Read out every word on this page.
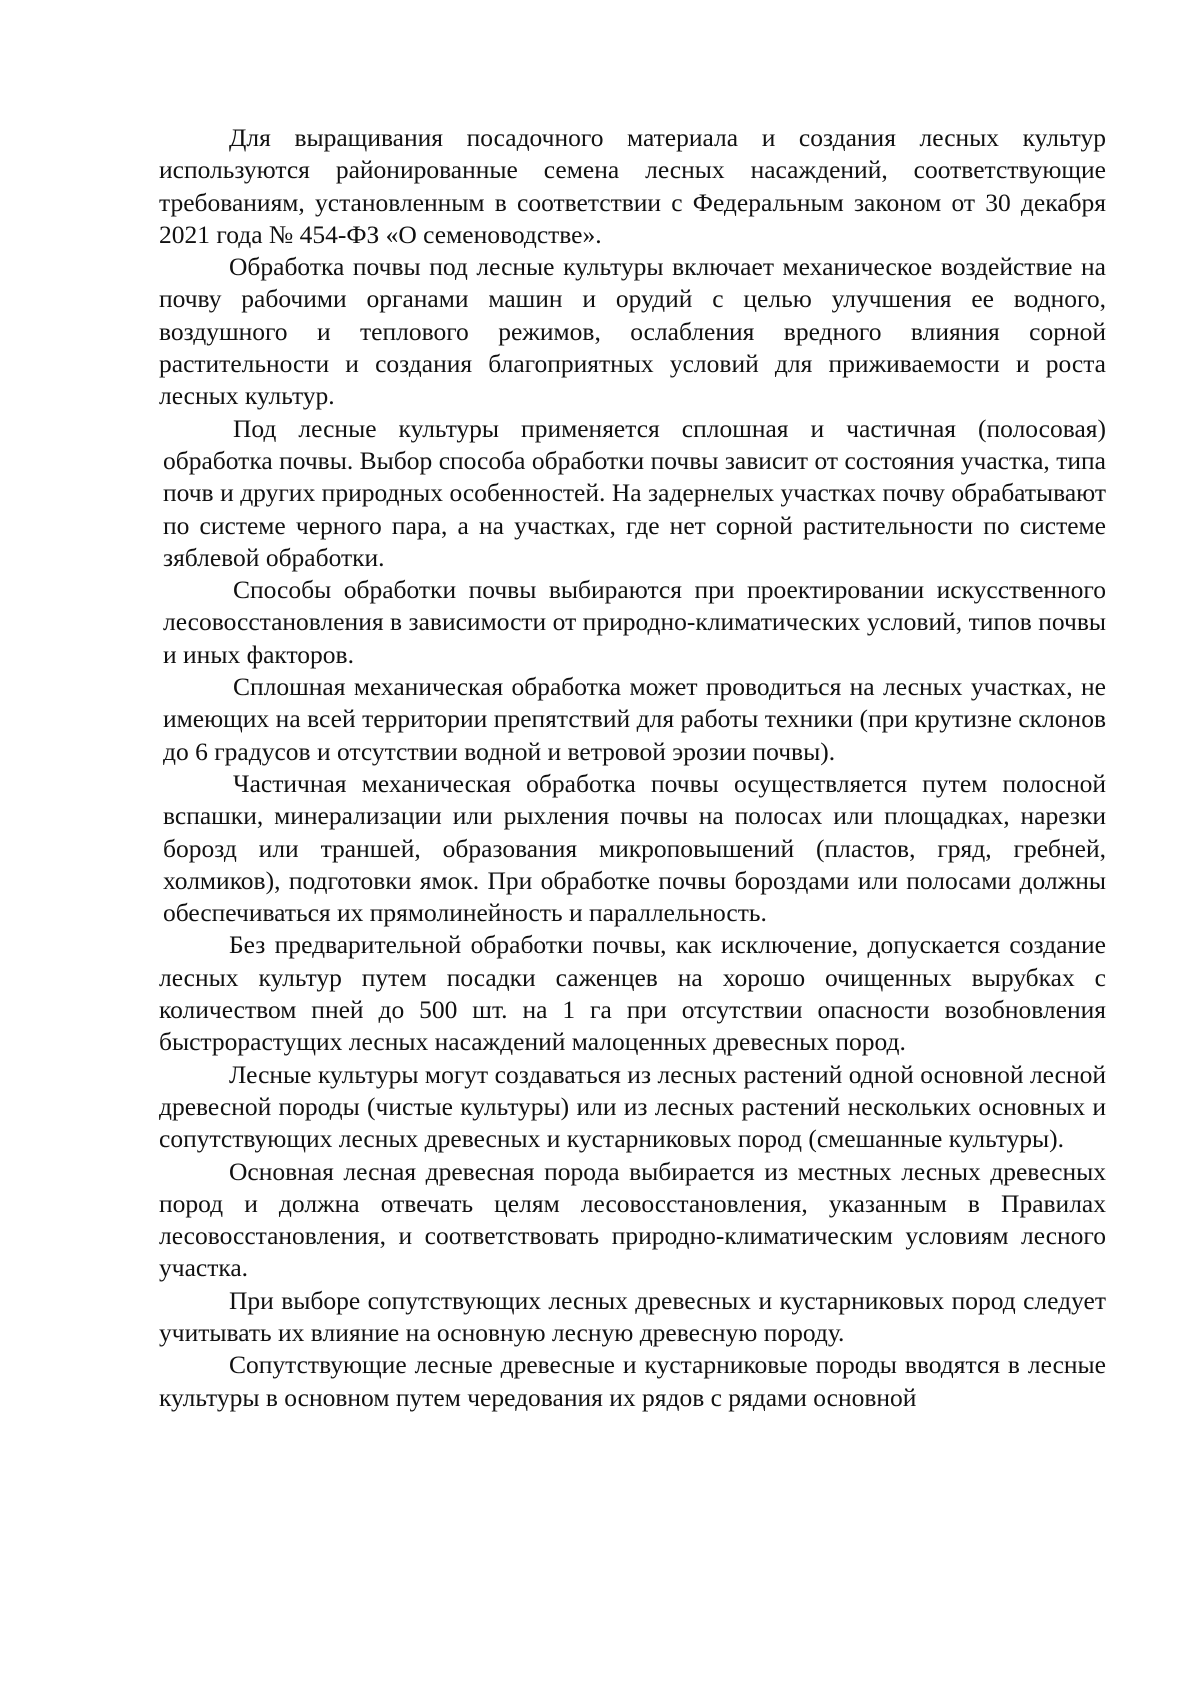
Для выращивания посадочного материала и создания лесных культур используются районированные семена лесных насаждений, соответствующие требованиям, установленным в соответствии с Федеральным законом от 30 декабря 2021 года № 454-ФЗ «О семеноводстве».

Обработка почвы под лесные культуры включает механическое воздействие на почву рабочими органами машин и орудий с целью улучшения ее водного, воздушного и теплового режимов, ослабления вредного влияния сорной растительности и создания благоприятных условий для приживаемости и роста лесных культур.

Под лесные культуры применяется сплошная и частичная (полосовая) обработка почвы. Выбор способа обработки почвы зависит от состояния участка, типа почв и других природных особенностей. На задернелых участках почву обрабатывают по системе черного пара, а на участках, где нет сорной растительности по системе зяблевой обработки.

Способы обработки почвы выбираются при проектировании искусственного лесовосстановления в зависимости от природно-климатических условий, типов почвы и иных факторов.

Сплошная механическая обработка может проводиться на лесных участках, не имеющих на всей территории препятствий для работы техники (при крутизне склонов до 6 градусов и отсутствии водной и ветровой эрозии почвы).

Частичная механическая обработка почвы осуществляется путем полосной вспашки, минерализации или рыхления почвы на полосах или площадках, нарезки борозд или траншей, образования микроповышений (пластов, гряд, гребней, холмиков), подготовки ямок. При обработке почвы бороздами или полосами должны обеспечиваться их прямолинейность и параллельность.

Без предварительной обработки почвы, как исключение, допускается создание лесных культур путем посадки саженцев на хорошо очищенных вырубках с количеством пней до 500 шт. на 1 га при отсутствии опасности возобновления быстрорастущих лесных насаждений малоценных древесных пород.

Лесные культуры могут создаваться из лесных растений одной основной лесной древесной породы (чистые культуры) или из лесных растений нескольких основных и сопутствующих лесных древесных и кустарниковых пород (смешанные культуры).

Основная лесная древесная порода выбирается из местных лесных древесных пород и должна отвечать целям лесовосстановления, указанным в Правилах лесовосстановления, и соответствовать природно-климатическим условиям лесного участка.

При выборе сопутствующих лесных древесных и кустарниковых пород следует учитывать их влияние на основную лесную древесную породу.

Сопутствующие лесные древесные и кустарниковые породы вводятся в лесные культуры в основном путем чередования их рядов с рядами основной
